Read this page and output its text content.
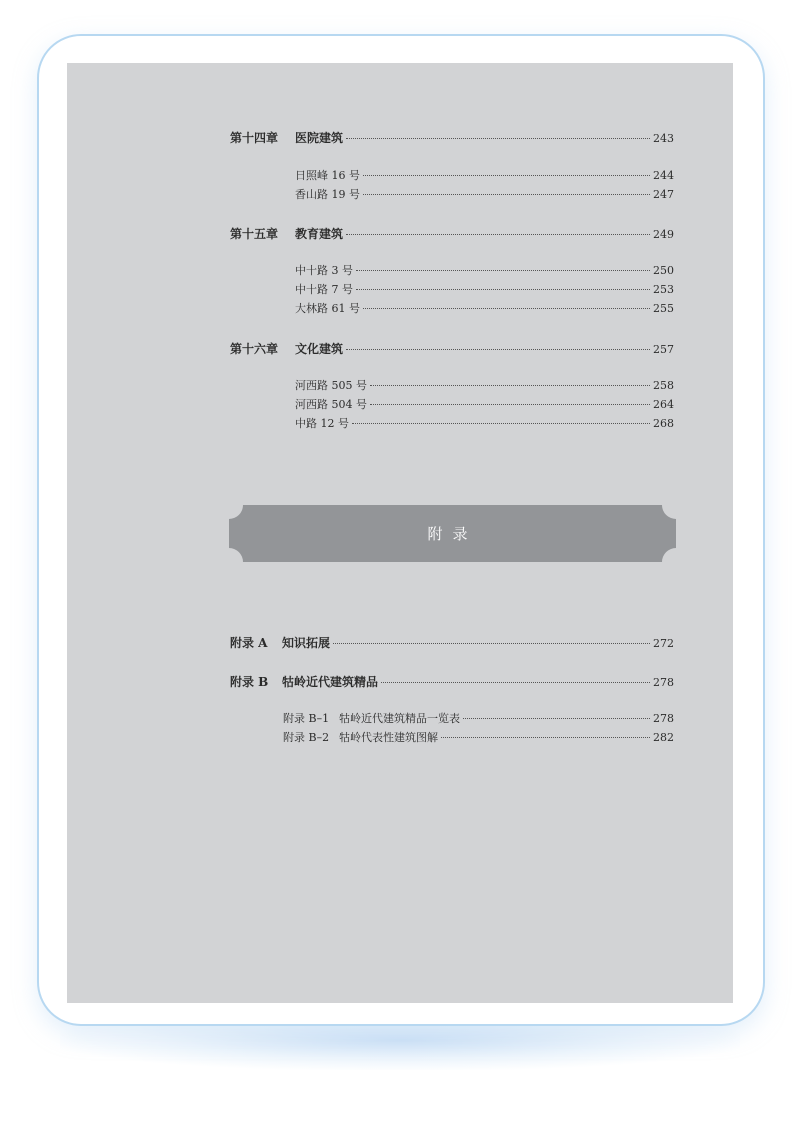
第十四章	医院建筑	243
日照峰 16 号	244
香山路 19 号	247
第十五章	教育建筑	249
中十路 3 号	250
中十路 7 号	253
大林路 61 号	255
第十六章	文化建筑	257
河西路 505 号	258
河西路 504 号	264
中路 12 号	268
附录
附录 A	知识拓展	272
附录 B	牯岭近代建筑精品	278
附录 B–1 牯岭近代建筑精品一览表	278
附录 B–2 牯岭代表性建筑图解	282
